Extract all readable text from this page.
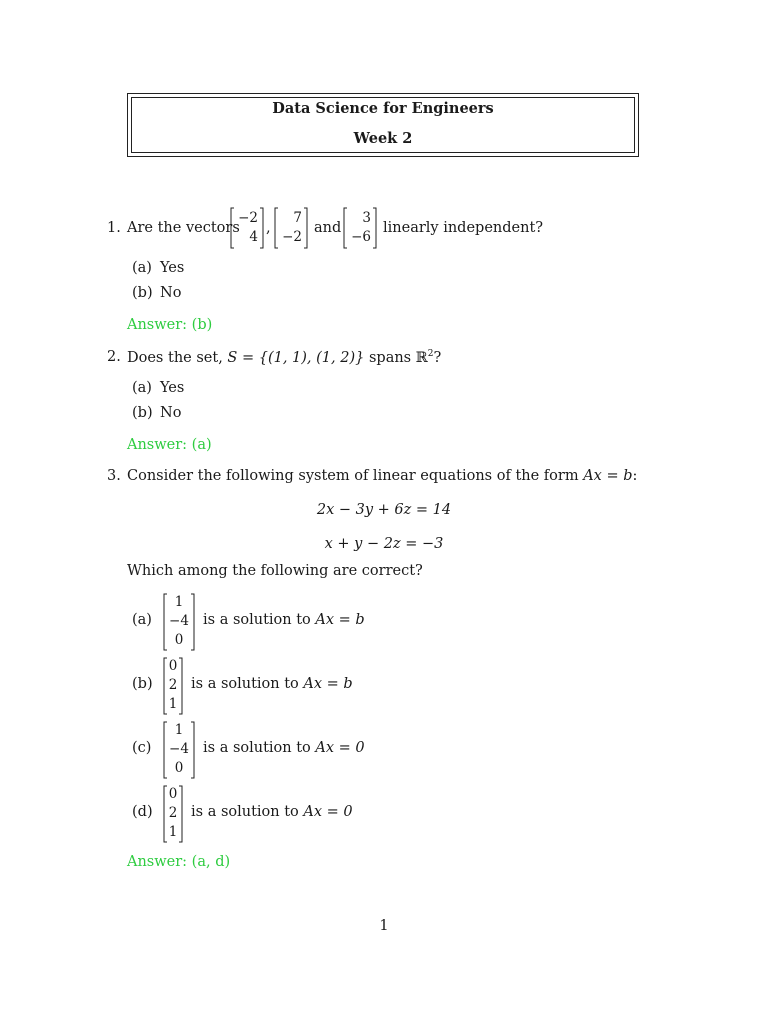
Data Science for Engineers
Week 2
1. Are the vectors
−2
4
,
7
−2
and
3
−6
linearly independent?
(a) Yes
(b) No
Answer: (b)
2. Does the set, S = {(1, 1), (1, 2)} spans ℝ$^2$?
(a) Yes
(b) No
Answer: (a)
3. Consider the following system of linear equations of the form Ax = b:
2x − 3y + 6z = 14
x + y − 2z = −3
Which among the following are correct?
(a)
1
−4
0
is a solution to Ax = b
(b)
0
2
1
is a solution to Ax = b
(c)
1
−4
0
is a solution to Ax = 0
(d)
0
2
1
is a solution to Ax = 0
Answer: (a, d)
1
